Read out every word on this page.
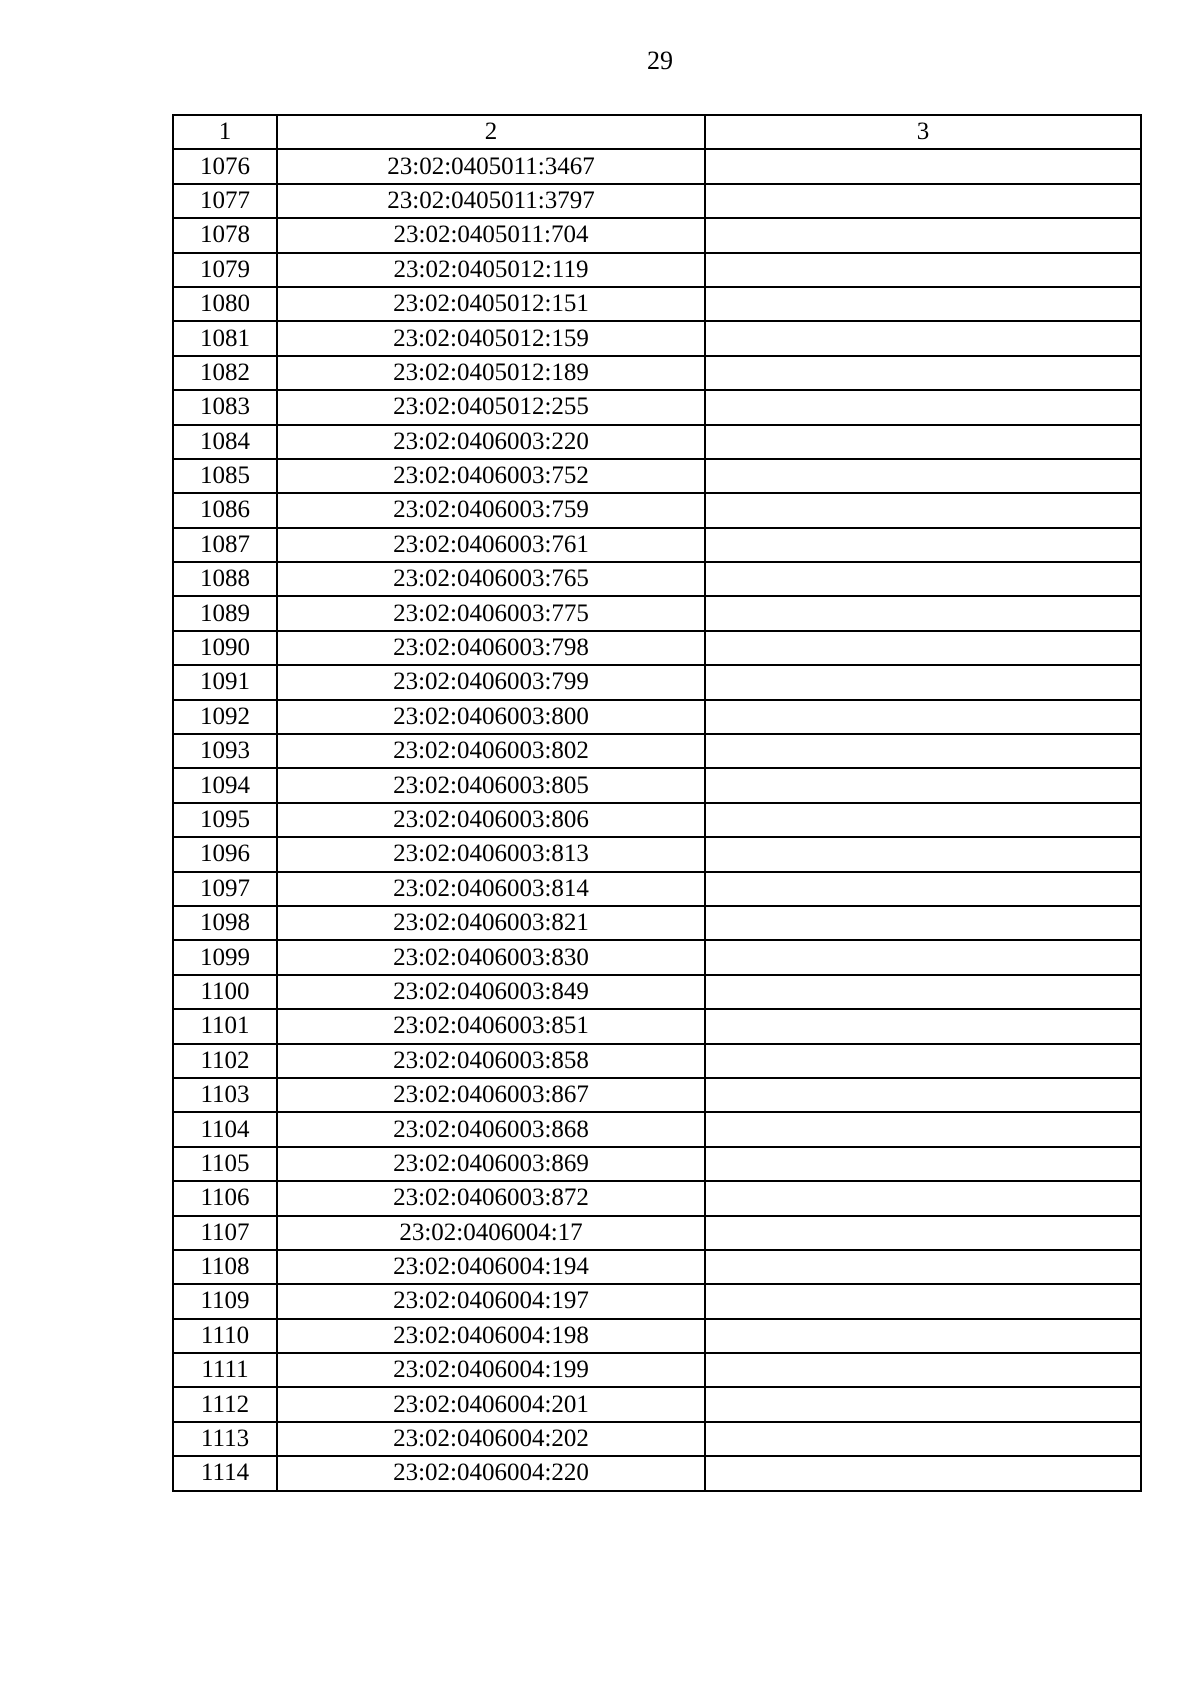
29
1	2	3
1076	23:02:0405011:3467	
1077	23:02:0405011:3797	
1078	23:02:0405011:704	
1079	23:02:0405012:119	
1080	23:02:0405012:151	
1081	23:02:0405012:159	
1082	23:02:0405012:189	
1083	23:02:0405012:255	
1084	23:02:0406003:220	
1085	23:02:0406003:752	
1086	23:02:0406003:759	
1087	23:02:0406003:761	
1088	23:02:0406003:765	
1089	23:02:0406003:775	
1090	23:02:0406003:798	
1091	23:02:0406003:799	
1092	23:02:0406003:800	
1093	23:02:0406003:802	
1094	23:02:0406003:805	
1095	23:02:0406003:806	
1096	23:02:0406003:813	
1097	23:02:0406003:814	
1098	23:02:0406003:821	
1099	23:02:0406003:830	
1100	23:02:0406003:849	
1101	23:02:0406003:851	
1102	23:02:0406003:858	
1103	23:02:0406003:867	
1104	23:02:0406003:868	
1105	23:02:0406003:869	
1106	23:02:0406003:872	
1107	23:02:0406004:17	
1108	23:02:0406004:194	
1109	23:02:0406004:197	
1110	23:02:0406004:198	
1111	23:02:0406004:199	
1112	23:02:0406004:201	
1113	23:02:0406004:202	
1114	23:02:0406004:220	
